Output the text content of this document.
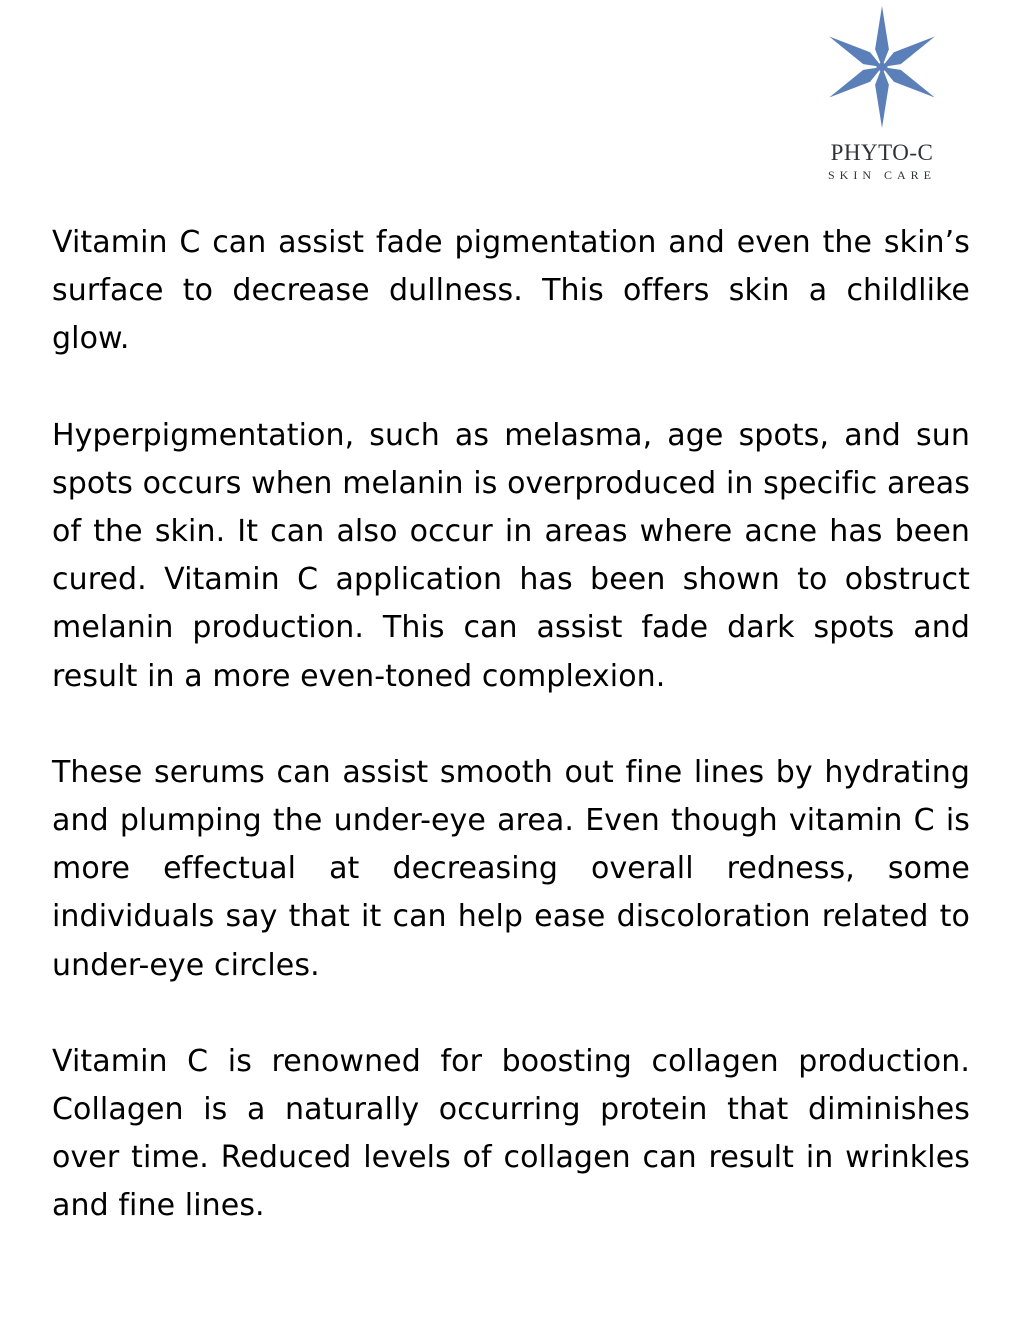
PHYTO-C
SKIN CARE

Vitamin C can assist fade pigmentation and even the skin’s surface to decrease dullness. This offers skin a childlike glow.

Hyperpigmentation, such as melasma, age spots, and sun spots occurs when melanin is overproduced in specific areas of the skin. It can also occur in areas where acne has been cured. Vitamin C application has been shown to obstruct melanin production. This can assist fade dark spots and result in a more even-toned complexion.

These serums can assist smooth out fine lines by hydrating and plumping the under-eye area. Even though vitamin C is more effectual at decreasing overall redness, some individuals say that it can help ease discoloration related to under-eye circles.

Vitamin C is renowned for boosting collagen production. Collagen is a naturally occurring protein that diminishes over time. Reduced levels of collagen can result in wrinkles and fine lines.
